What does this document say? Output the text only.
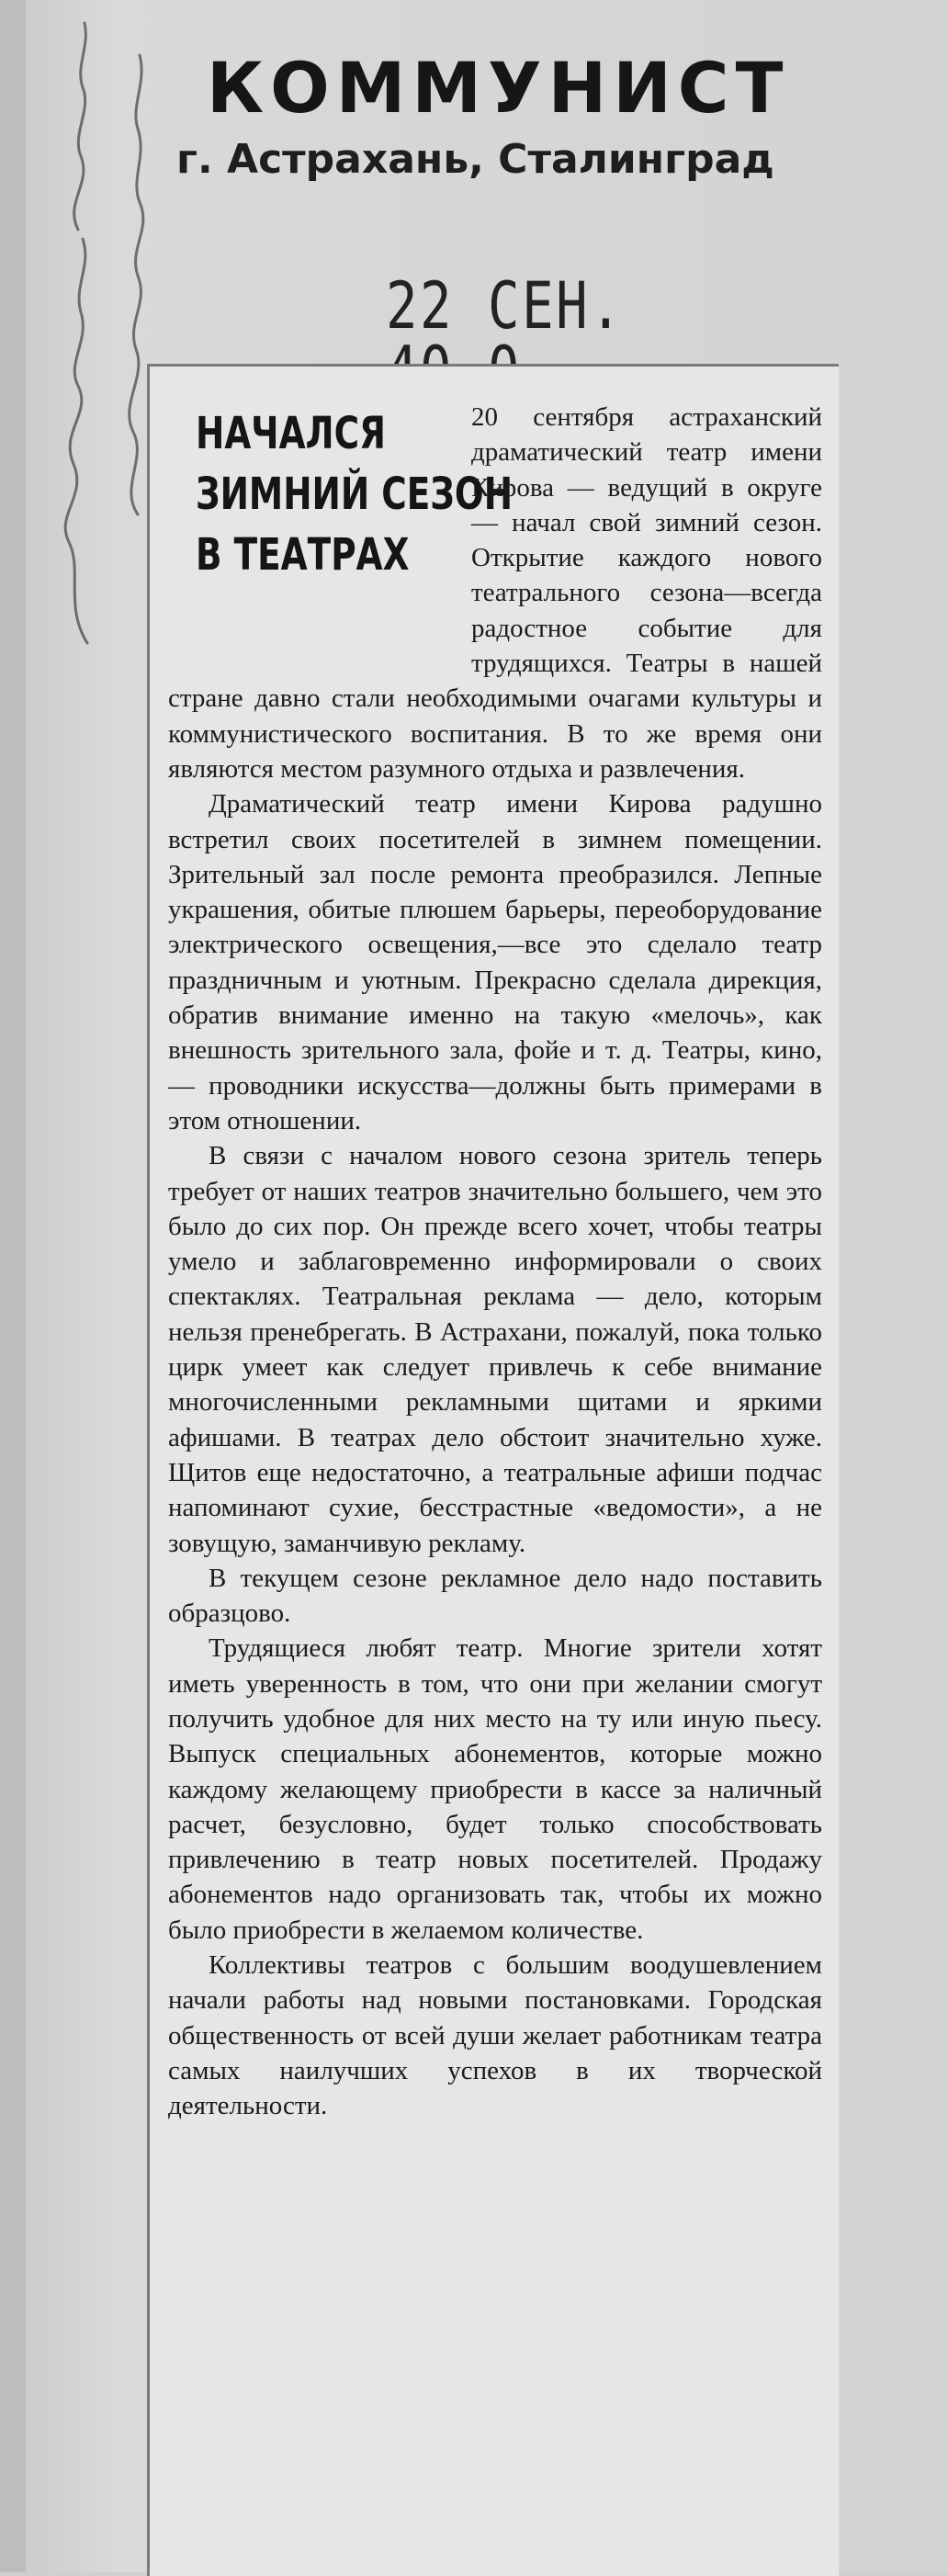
КОММУНИСТ
г. Астрахань, Сталинград
22 СЕН.
НАЧАЛСЯ
ЗИМНИЙ СЕЗОН
В ТЕАТРАХ

20 сентября астраханский драматический театр имени Кирова — ведущий в округе — начал свой зимний сезон. Открытие каждого нового театрального сезона—всегда радостное событие для трудящихся. Театры в нашей стране давно стали необходимыми очагами культуры и коммунистического воспитания. В то же время они являются местом разумного отдыха и развлечения.

Драматический театр имени Кирова радушно встретил своих посетителей в зимнем помещении. Зрительный зал после ремонта преобразился. Лепные украшения, обитые плюшем барьеры, переоборудование электрического освещения,—все это сделало театр праздничным и уютным. Прекрасно сделала дирекция, обратив внимание именно на такую «мелочь», как внешность зрительного зала, фойе и т. д. Театры, кино, — проводники искусства—должны быть примерами в этом отношении.

В связи с началом нового сезона зритель теперь требует от наших театров значительно большего, чем это было до сих пор. Он прежде всего хочет, чтобы театры умело и заблаговременно информировали о своих спектаклях. Театральная реклама — дело, которым нельзя пренебрегать. В Астрахани, пожалуй, пока только цирк умеет как следует привлечь к себе внимание многочисленными рекламными щитами и яркими афишами. В театрах дело обстоит значительно хуже. Щитов еще недостаточно, а театральные афиши подчас напоминают сухие, бесстрастные «ведомости», а не зовущую, заманчивую рекламу.

В текущем сезоне рекламное дело надо поставить образцово.

Трудящиеся любят театр. Многие зрители хотят иметь уверенность в том, что они при желании смогут получить удобное для них место на ту или иную пьесу. Выпуск специальных абонементов, которые можно каждому желающему приобрести в кассе за наличный расчет, безусловно, будет только способствовать привлечению в театр новых посетителей. Продажу абонементов надо организовать так, чтобы их можно было приобрести в желаемом количестве.

Коллективы театров с большим воодушевлением начали работы над новыми постановками. Городская общественность от всей души желает работникам театра самых наилучших успехов в их творческой деятельности.
